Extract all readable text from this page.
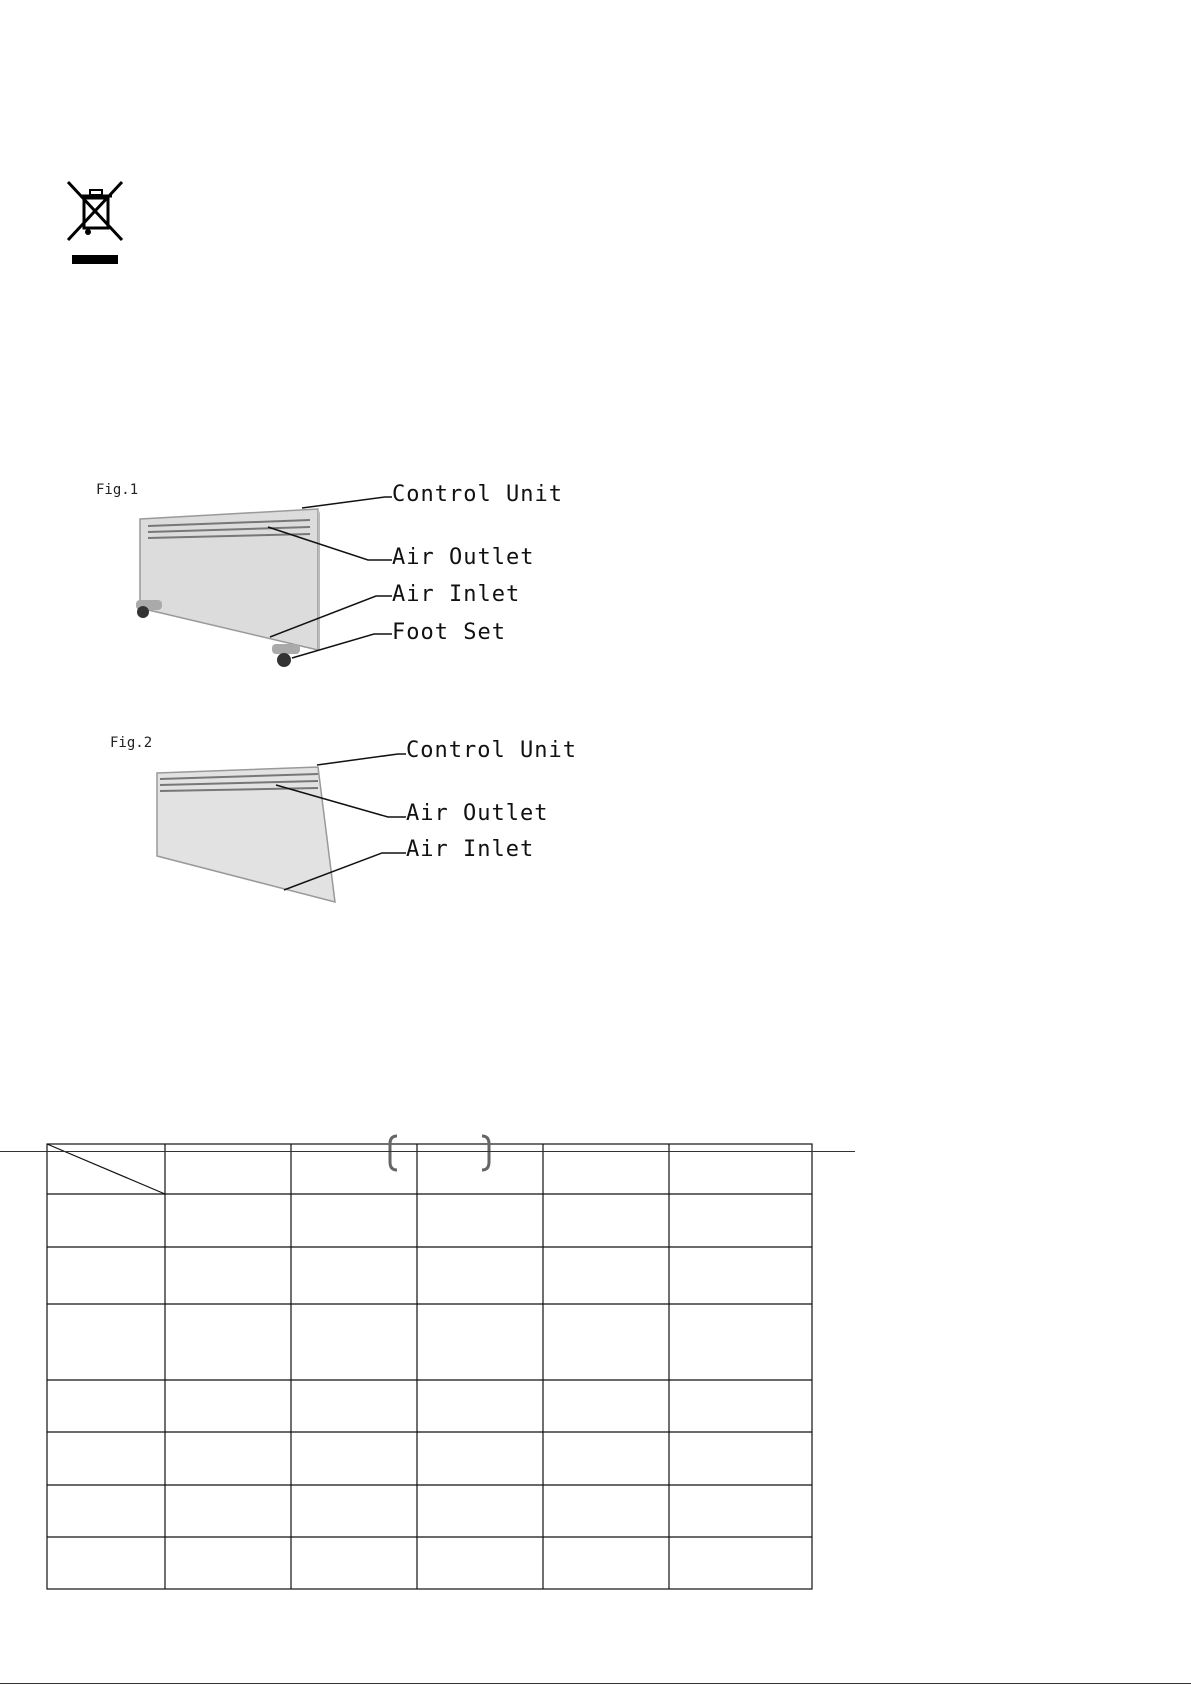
Fig.1	Control Unit
Air Outlet
Air Inlet
Foot Set
Fig.2	Control Unit
Air Outlet
Air Inlet
